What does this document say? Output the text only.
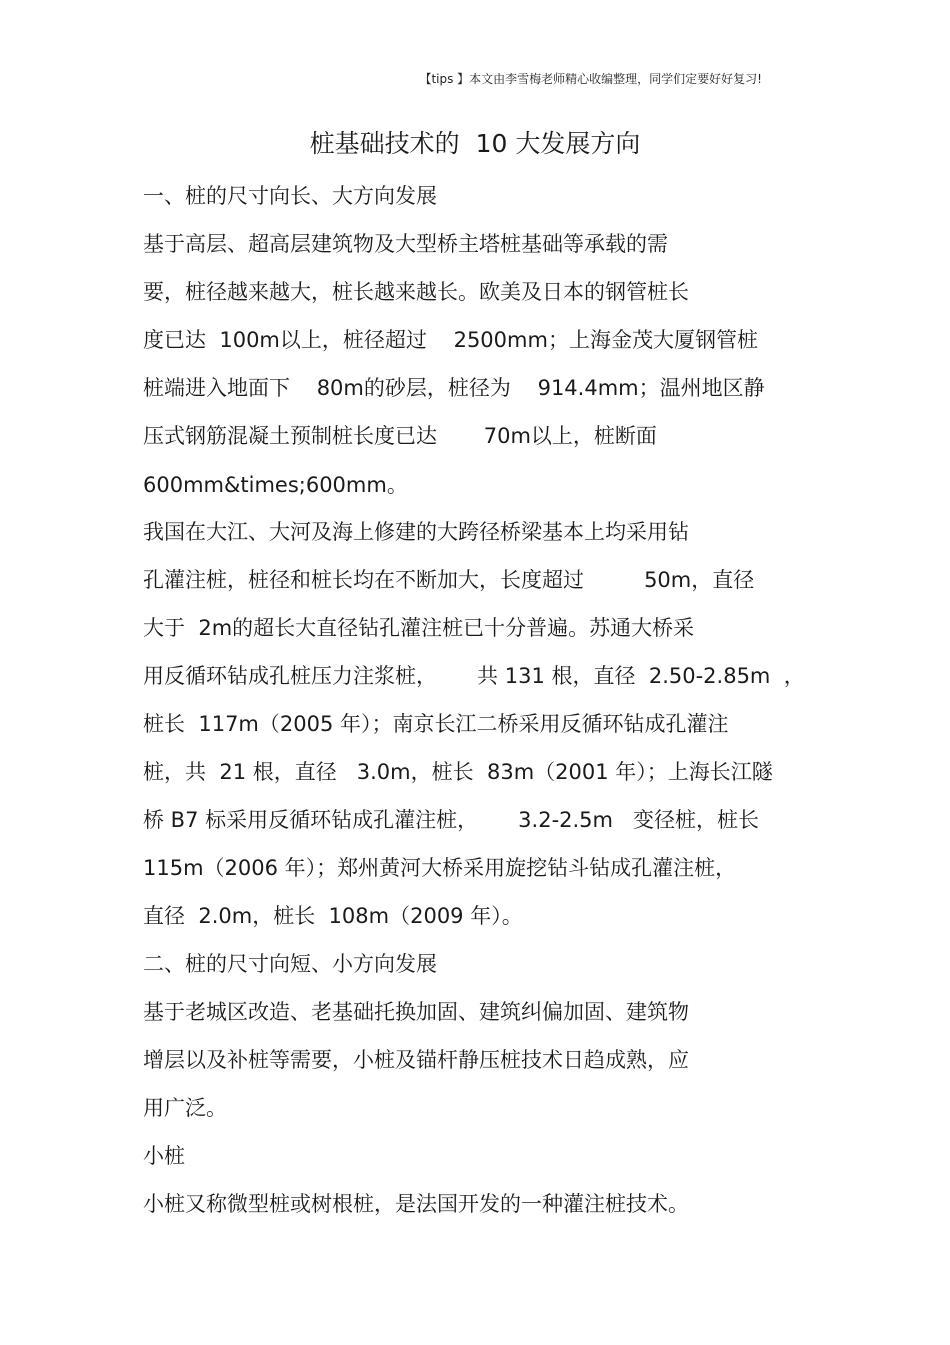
【tips 】本文由李雪梅老师精心收编整理，同学们定要好好复习!
桩基础技术的  10 大发展方向
一、桩的尺寸向长、大方向发展
基于高层、超高层建筑物及大型桥主塔桩基础等承载的需
要，桩径越来越大，桩长越来越长。欧美及日本的钢管桩长
度已达  100m以上，桩径超过    2500mm；上海金茂大厦钢管桩
桩端进入地面下    80m的砂层，桩径为    914.4mm；温州地区静
压式钢筋混凝土预制桩长度已达       70m以上，桩断面
600mm&times;600mm。
我国在大江、大河及海上修建的大跨径桥梁基本上均采用钻
孔灌注桩，桩径和桩长均在不断加大，长度超过         50m，直径
大于  2m的超长大直径钻孔灌注桩已十分普遍。苏通大桥采
用反循环钻成孔桩压力注浆桩，      共 131 根，直径  2.50-2.85m  ，
桩长  117m（2005 年）；南京长江二桥采用反循环钻成孔灌注
桩，共  21 根，直径   3.0m，桩长  83m（2001 年）；上海长江隧
桥 B7 标采用反循环钻成孔灌注桩，      3.2-2.5m   变径桩，桩长
115m（2006 年）；郑州黄河大桥采用旋挖钻斗钻成孔灌注桩，
直径  2.0m，桩长  108m（2009 年）。
二、桩的尺寸向短、小方向发展
基于老城区改造、老基础托换加固、建筑纠偏加固、建筑物
增层以及补桩等需要，小桩及锚杆静压桩技术日趋成熟，应
用广泛。
小桩
小桩又称微型桩或树根桩，是法国开发的一种灌注桩技术。
